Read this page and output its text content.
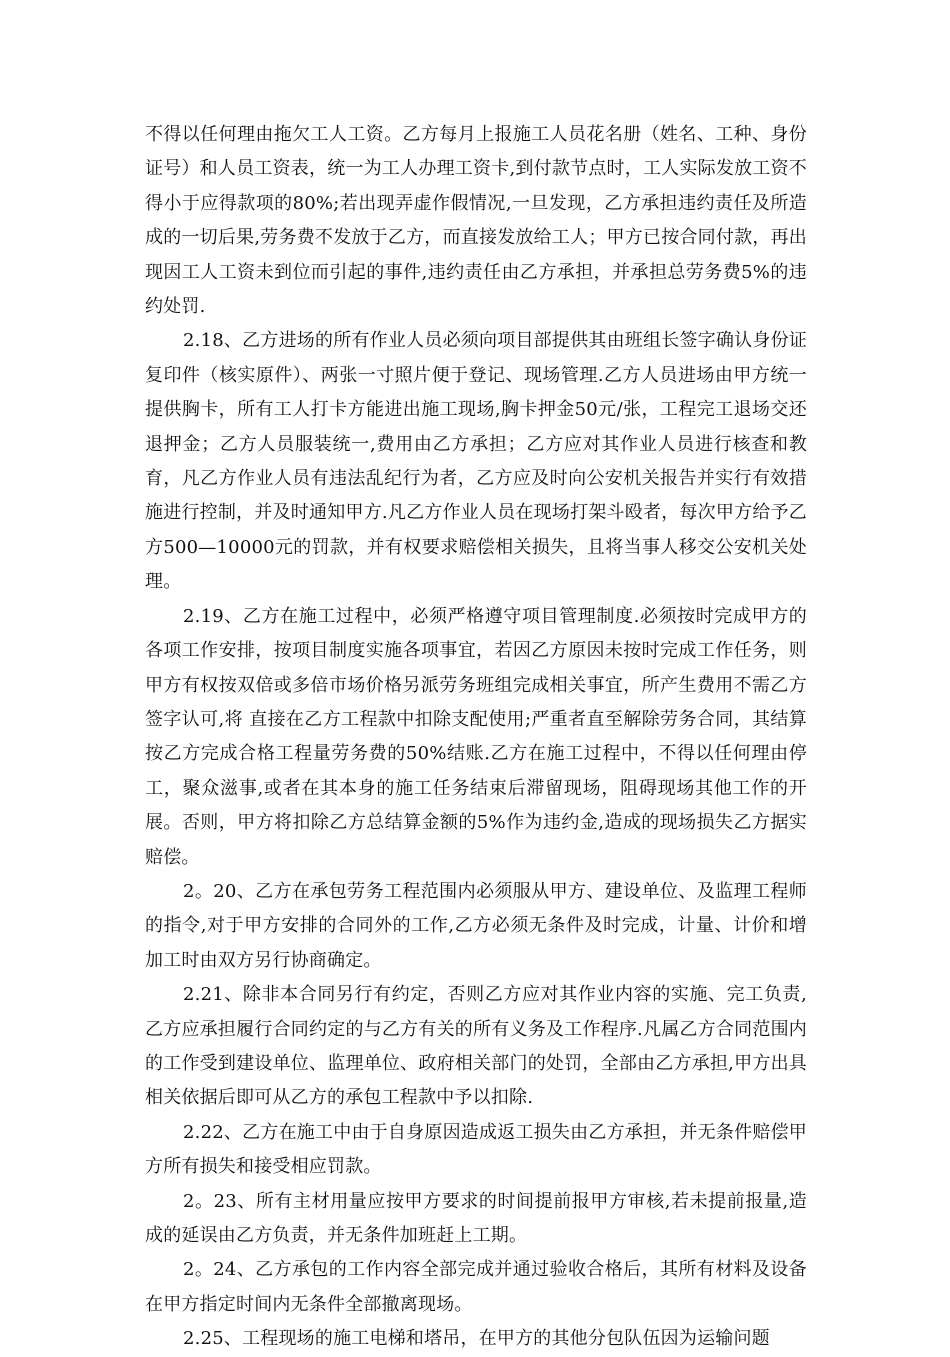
不得以任何理由拖欠工人工资。乙方每月上报施工人员花名册（姓名、工种、身份证号）和人员工资表，统一为工人办理工资卡,到付款节点时，工人实际发放工资不得小于应得款项的80%;若出现弄虚作假情况,一旦发现，乙方承担违约责任及所造成的一切后果,劳务费不发放于乙方，而直接发放给工人；甲方已按合同付款，再出现因工人工资未到位而引起的事件,违约责任由乙方承担，并承担总劳务费5%的违约处罚.

2.18、乙方进场的所有作业人员必须向项目部提供其由班组长签字确认身份证复印件（核实原件）、两张一寸照片便于登记、现场管理.乙方人员进场由甲方统一提供胸卡，所有工人打卡方能进出施工现场,胸卡押金50元/张，工程完工退场交还退押金；乙方人员服装统一,费用由乙方承担；乙方应对其作业人员进行核查和教育，凡乙方作业人员有违法乱纪行为者，乙方应及时向公安机关报告并实行有效措施进行控制，并及时通知甲方.凡乙方作业人员在现场打架斗殴者，每次甲方给予乙方500—10000元的罚款，并有权要求赔偿相关损失，且将当事人移交公安机关处理。

2.19、乙方在施工过程中，必须严格遵守项目管理制度.必须按时完成甲方的各项工作安排，按项目制度实施各项事宜，若因乙方原因未按时完成工作任务，则甲方有权按双倍或多倍市场价格另派劳务班组完成相关事宜，所产生费用不需乙方签字认可,将 直接在乙方工程款中扣除支配使用;严重者直至解除劳务合同，其结算按乙方完成合格工程量劳务费的50%结账.乙方在施工过程中，不得以任何理由停工，聚众滋事,或者在其本身的施工任务结束后滞留现场，阻碍现场其他工作的开展。否则，甲方将扣除乙方总结算金额的5%作为违约金,造成的现场损失乙方据实赔偿。

2。20、乙方在承包劳务工程范围内必须服从甲方、建设单位、及监理工程师的指令,对于甲方安排的合同外的工作,乙方必须无条件及时完成，计量、计价和增加工时由双方另行协商确定。

2.21、除非本合同另行有约定，否则乙方应对其作业内容的实施、完工负责,乙方应承担履行合同约定的与乙方有关的所有义务及工作程序.凡属乙方合同范围内的工作受到建设单位、监理单位、政府相关部门的处罚，全部由乙方承担,甲方出具相关依据后即可从乙方的承包工程款中予以扣除.

2.22、乙方在施工中由于自身原因造成返工损失由乙方承担，并无条件赔偿甲方所有损失和接受相应罚款。

2。23、所有主材用量应按甲方要求的时间提前报甲方审核,若未提前报量,造成的延误由乙方负责，并无条件加班赶上工期。

2。24、乙方承包的工作内容全部完成并通过验收合格后，其所有材料及设备在甲方指定时间内无条件全部撤离现场。

2.25、工程现场的施工电梯和塔吊，在甲方的其他分包队伍因为运输问题
